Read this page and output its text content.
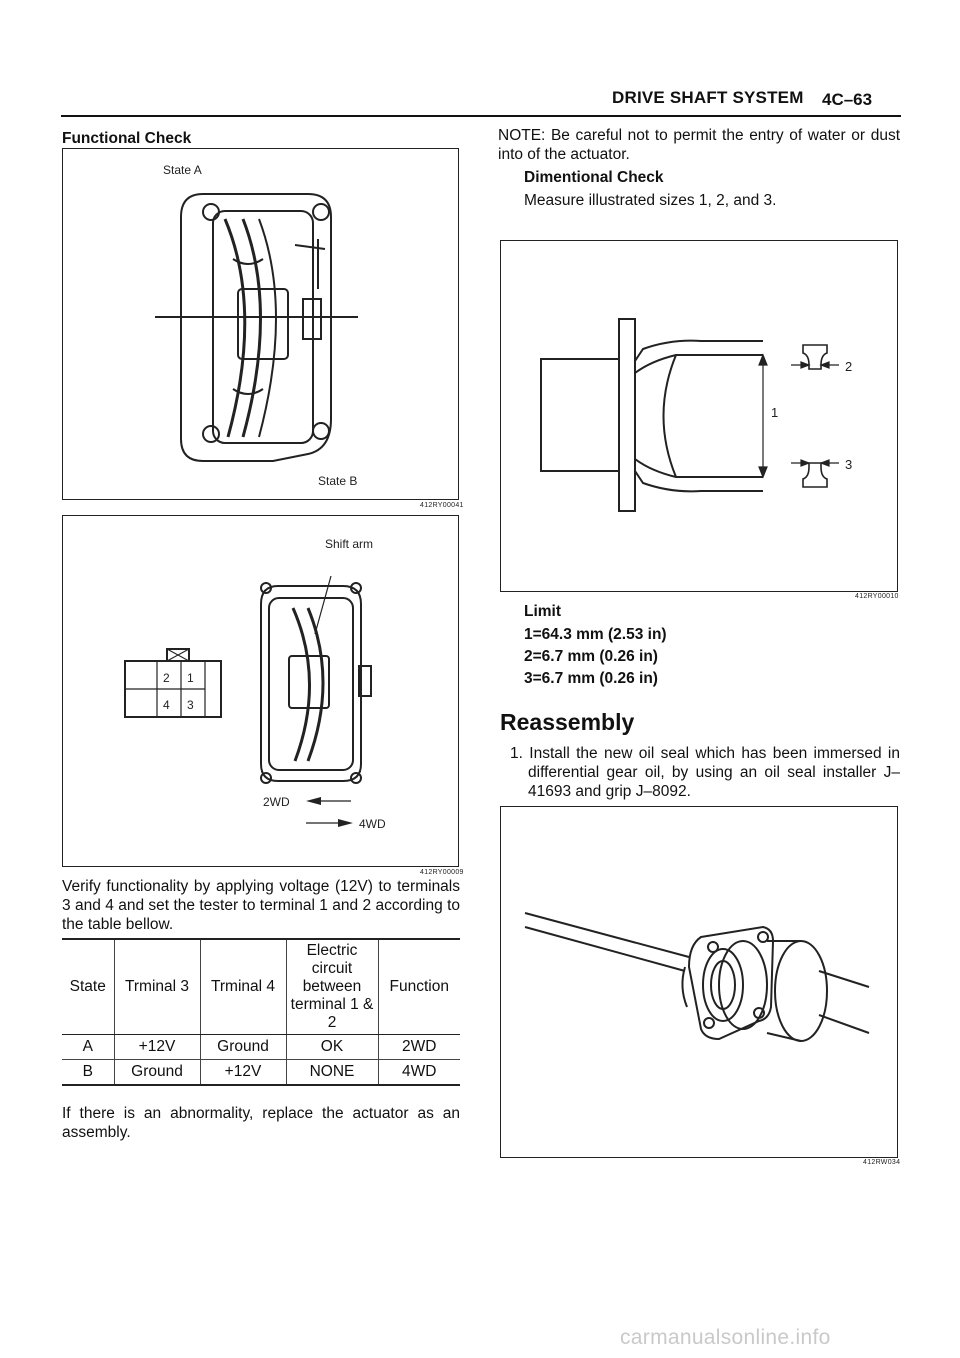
DRIVE SHAFT SYSTEM 4C–63
Functional Check
State A
State B
412RY00041
Shift arm
2 1
4 3
2WD
4WD
412RY00009
Verify functionality by applying voltage (12V) to terminals 3 and 4 and set the tester to terminal 1 and 2 according to the table bellow.
State	Trminal 3	Trminal 4	Electric circuit between terminal 1 & 2	Function
A	+12V	Ground	OK	2WD
B	Ground	+12V	NONE	4WD
If there is an abnormality, replace the actuator as an assembly.
NOTE: Be careful not to permit the entry of water or dust into of the actuator.
Dimentional Check
Measure illustrated sizes 1, 2, and 3.
1
2
3
412RY00010
Limit
1=64.3 mm (2.53 in)
2=6.7 mm (0.26 in)
3=6.7 mm (0.26 in)
Reassembly
1. Install the new oil seal which has been immersed in differential gear oil, by using an oil seal installer J–41693 and grip J–8092.
412RW034
carmanualsonline.info
